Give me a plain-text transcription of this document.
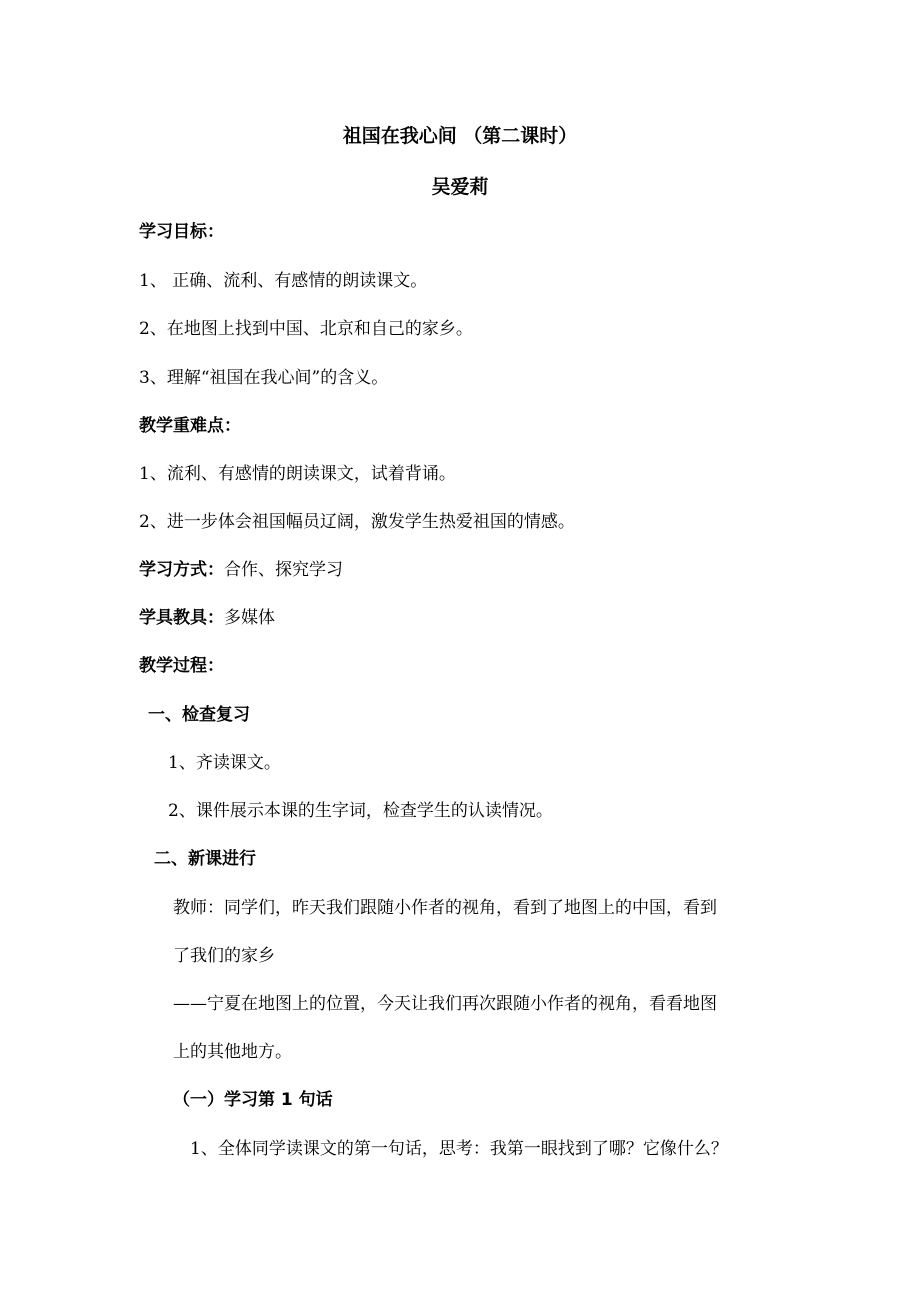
祖国在我心间 （第二课时）
吴爱莉
学习目标：
1、 正确、流利、有感情的朗读课文。
2、在地图上找到中国、北京和自己的家乡。
3、理解“祖国在我心间”的含义。
教学重难点：
1、流利、有感情的朗读课文，试着背诵。
2、进一步体会祖国幅员辽阔，激发学生热爱祖国的情感。
学习方式：合作、探究学习
学具教具：多媒体
教学过程：
一、检查复习
1、齐读课文。
2、课件展示本课的生字词，检查学生的认读情况。
二、新课进行
教师：同学们，昨天我们跟随小作者的视角，看到了地图上的中国，看到
了我们的家乡
——宁夏在地图上的位置，今天让我们再次跟随小作者的视角，看看地图
上的其他地方。
（一）学习第 1 句话
1、全体同学读课文的第一句话，思考：我第一眼找到了哪？它像什么？
